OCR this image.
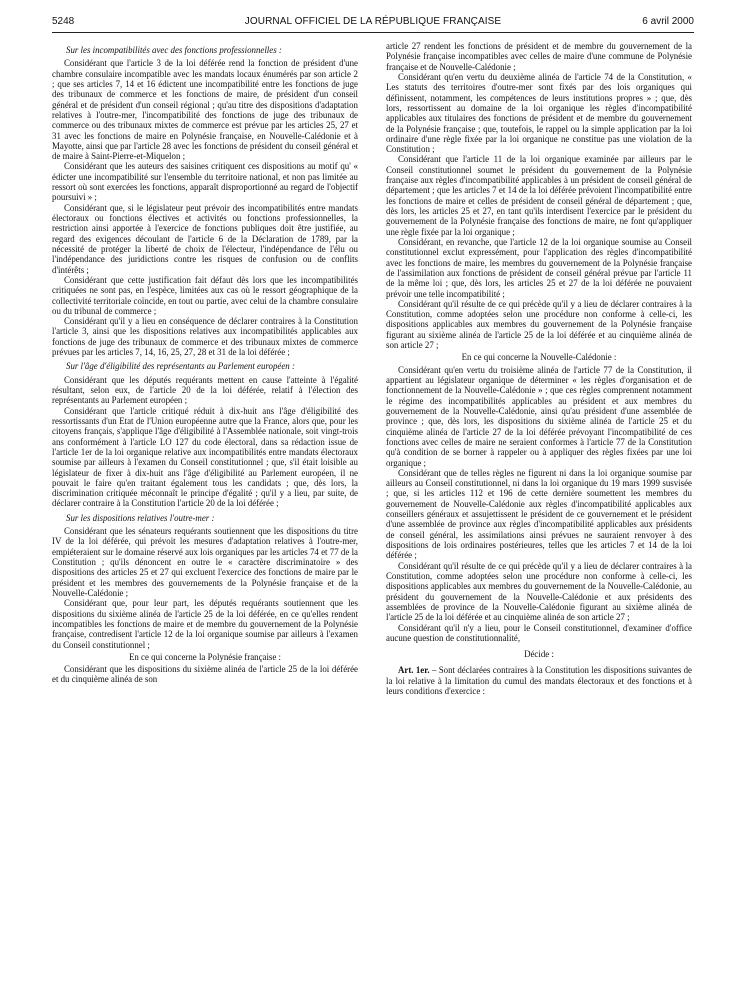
5248	JOURNAL OFFICIEL DE LA RÉPUBLIQUE FRANÇAISE	6 avril 2000

Sur les incompatibilités avec des fonctions professionnelles :

Considérant que l'article 3 de la loi déférée rend la fonction de président d'une chambre consulaire incompatible avec les mandats locaux énumérés par son article 2 ; que ses articles 7, 14 et 16 édictent une incompatibilité entre les fonctions de juge des tribunaux de commerce et les fonctions de maire, de président d'un conseil général et de président d'un conseil régional ; qu'au titre des dispositions d'adaptation relatives à l'outre-mer, l'incompatibilité des fonctions de juge des tribunaux de commerce ou des tribunaux mixtes de commerce est prévue par les articles 25, 27 et 31 avec les fonctions de maire en Polynésie française, en Nouvelle-Calédonie et à Mayotte, ainsi que par l'article 28 avec les fonctions de président du conseil général et de maire à Saint-Pierre-et-Miquelon ;

Considérant que les auteurs des saisines critiquent ces dispositions au motif qu' « édicter une incompatibilité sur l'ensemble du territoire national, et non pas limitée au ressort où sont exercées les fonctions, apparaît disproportionné au regard de l'objectif poursuivi » ;

Considérant que, si le législateur peut prévoir des incompatibilités entre mandats électoraux ou fonctions électives et activités ou fonctions professionnelles, la restriction ainsi apportée à l'exercice de fonctions publiques doit être justifiée, au regard des exigences découlant de l'article 6 de la Déclaration de 1789, par la nécessité de protéger la liberté de choix de l'électeur, l'indépendance de l'élu ou l'indépendance des juridictions contre les risques de confusion ou de conflits d'intérêts ;

Considérant que cette justification fait défaut dès lors que les incompatibilités critiquées ne sont pas, en l'espèce, limitées aux cas où le ressort géographique de la collectivité territoriale coïncide, en tout ou partie, avec celui de la chambre consulaire ou du tribunal de commerce ;

Considérant qu'il y a lieu en conséquence de déclarer contraires à la Constitution l'article 3, ainsi que les dispositions relatives aux incompatibilités applicables aux fonctions de juge des tribunaux de commerce et des tribunaux mixtes de commerce prévues par les articles 7, 14, 16, 25, 27, 28 et 31 de la loi déférée ;

Sur l'âge d'éligibilité des représentants au Parlement européen :

Considérant que les députés requérants mettent en cause l'atteinte à l'égalité résultant, selon eux, de l'article 20 de la loi déférée, relatif à l'élection des représentants au Parlement européen ;

Considérant que l'article critiqué réduit à dix-huit ans l'âge d'éligibilité des ressortissants d'un Etat de l'Union européenne autre que la France, alors que, pour les citoyens français, s'applique l'âge d'éligibilité à l'Assemblée nationale, soit vingt-trois ans conformément à l'article LO 127 du code électoral, dans sa rédaction issue de l'article 1er de la loi organique relative aux incompatibilités entre mandats électoraux soumise par ailleurs à l'examen du Conseil constitutionnel ; que, s'il était loisible au législateur de fixer à dix-huit ans l'âge d'éligibilité au Parlement européen, il ne pouvait le faire qu'en traitant également tous les candidats ; que, dès lors, la discrimination critiquée méconnaît le principe d'égalité ; qu'il y a lieu, par suite, de déclarer contraire à la Constitution l'article 20 de la loi déférée ;

Sur les dispositions relatives l'outre-mer :

Considérant que les sénateurs requérants soutiennent que les dispositions du titre IV de la loi déférée, qui prévoit les mesures d'adaptation relatives à l'outre-mer, empiéteraient sur le domaine réservé aux lois organiques par les articles 74 et 77 de la Constitution ; qu'ils dénoncent en outre le « caractère discriminatoire » des dispositions des articles 25 et 27 qui excluent l'exercice des fonctions de maire par le président et les membres des gouvernements de la Polynésie française et de la Nouvelle-Calédonie ;

Considérant que, pour leur part, les députés requérants soutiennent que les dispositions du sixième alinéa de l'article 25 de la loi déférée, en ce qu'elles rendent incompatibles les fonctions de maire et de membre du gouvernement de la Polynésie française, contredisent l'article 12 de la loi organique soumise par ailleurs à l'examen du Conseil constitutionnel ;

En ce qui concerne la Polynésie française :

Considérant que les dispositions du sixième alinéa de l'article 25 de la loi déférée et du cinquième alinéa de son

article 27 rendent les fonctions de président et de membre du gouvernement de la Polynésie française incompatibles avec celles de maire d'une commune de Polynésie française et de Nouvelle-Calédonie ;

Considérant qu'en vertu du deuxième alinéa de l'article 74 de la Constitution, « Les statuts des territoires d'outre-mer sont fixés par des lois organiques qui définissent, notamment, les compétences de leurs institutions propres » ; que, dès lors, ressortissent au domaine de la loi organique les règles d'incompatibilité applicables aux titulaires des fonctions de président et de membre du gouvernement de la Polynésie française ; que, toutefois, le rappel ou la simple application par la loi ordinaire d'une règle fixée par la loi organique ne constitue pas une violation de la Constitution ;

Considérant que l'article 11 de la loi organique examinée par ailleurs par le Conseil constitutionnel soumet le président du gouvernement de la Polynésie française aux règles d'incompatibilité applicables à un président de conseil général de département ; que les articles 7 et 14 de la loi déférée prévoient l'incompatibilité entre les fonctions de maire et celles de président de conseil général de département ; que, dès lors, les articles 25 et 27, en tant qu'ils interdisent l'exercice par le président du gouvernement de la Polynésie française des fonctions de maire, ne font qu'appliquer une règle fixée par la loi organique ;

Considérant, en revanche, que l'article 12 de la loi organique soumise au Conseil constitutionnel exclut expressément, pour l'application des règles d'incompatibilité avec les fonctions de maire, les membres du gouvernement de la Polynésie française de l'assimilation aux fonctions de président de conseil général prévue par l'article 11 de la même loi ; que, dès lors, les articles 25 et 27 de la loi déférée ne pouvaient prévoir une telle incompatibilité ;

Considérant qu'il résulte de ce qui précède qu'il y a lieu de déclarer contraires à la Constitution, comme adoptées selon une procédure non conforme à celle-ci, les dispositions applicables aux membres du gouvernement de la Polynésie française figurant au sixième alinéa de l'article 25 de la loi déférée et au cinquième alinéa de son article 27 ;

En ce qui concerne la Nouvelle-Calédonie :

Considérant qu'en vertu du troisième alinéa de l'article 77 de la Constitution, il appartient au législateur organique de déterminer « les règles d'organisation et de fonctionnement de la Nouvelle-Calédonie » ; que ces règles comprennent notamment le régime des incompatibilités applicables au président et aux membres du gouvernement de la Nouvelle-Calédonie, ainsi qu'au président d'une assemblée de province ; que, dès lors, les dispositions du sixième alinéa de l'article 25 et du cinquième alinéa de l'article 27 de la loi déférée prévoyant l'incompatibilité de ces fonctions avec celles de maire ne seraient conformes à l'article 77 de la Constitution qu'à condition de se borner à rappeler ou à appliquer des règles fixées par une loi organique ;

Considérant que de telles règles ne figurent ni dans la loi organique soumise par ailleurs au Conseil constitutionnel, ni dans la loi organique du 19 mars 1999 susvisée ; que, si les articles 112 et 196 de cette dernière soumettent les membres du gouvernement de Nouvelle-Calédonie aux règles d'incompatibilité applicables aux conseillers généraux et assujettissent le président de ce gouvernement et le président d'une assemblée de province aux règles d'incompatibilité applicables aux présidents de conseil général, les assimilations ainsi prévues ne sauraient renvoyer à des dispositions de lois ordinaires postérieures, telles que les articles 7 et 14 de la loi déférée ;

Considérant qu'il résulte de ce qui précède qu'il y a lieu de déclarer contraires à la Constitution, comme adoptées selon une procédure non conforme à celle-ci, les dispositions applicables aux membres du gouvernement de la Nouvelle-Calédonie, au président du gouvernement de la Nouvelle-Calédonie et aux présidents des assemblées de province de la Nouvelle-Calédonie figurant au sixième alinéa de l'article 25 de la loi déférée et au cinquième alinéa de son article 27 ;

Considérant qu'il n'y a lieu, pour le Conseil constitutionnel, d'examiner d'office aucune question de constitutionnalité,

Décide :

Art. 1er. – Sont déclarées contraires à la Constitution les dispositions suivantes de la loi relative à la limitation du cumul des mandats électoraux et des fonctions et à leurs conditions d'exercice :
